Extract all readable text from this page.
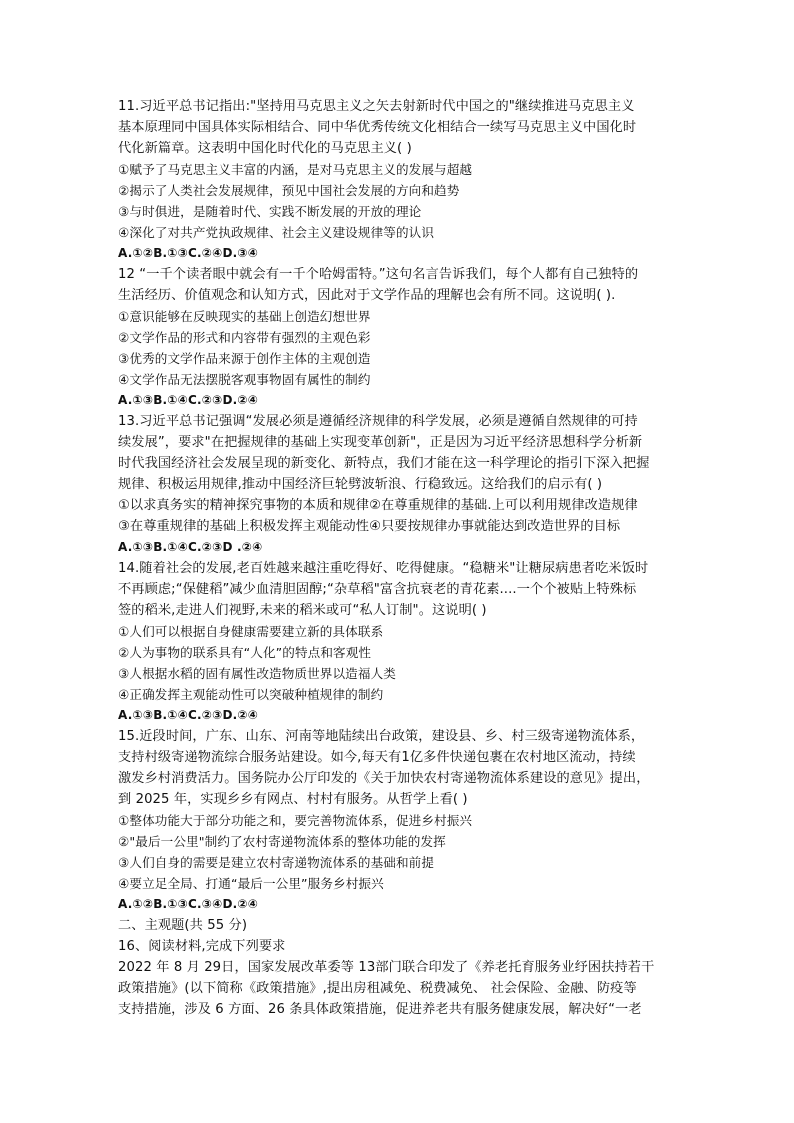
11.习近平总书记指出:"坚持用马克思主义之矢去射新时代中国之的"继续推进马克思主义
基本原理同中国具体实际相结合、同中华优秀传统文化相结合一续写马克思主义中国化时
代化新篇章。这表明中国化时代化的马克思主义( )
①赋予了马克思主义丰富的内涵，是对马克思主义的发展与超越
②揭示了人类社会发展规律，预见中国社会发展的方向和趋势
③与时俱进，是随着时代、实践不断发展的开放的理论
④深化了对共产党执政规律、社会主义建设规律等的认识
A.①②B.①③C.②④D.③④
12 “一千个读者眼中就会有一千个哈姆雷特。”这句名言告诉我们，每个人都有自己独特的
生活经历、价值观念和认知方式，因此对于文学作品的理解也会有所不同。这说明( ).
①意识能够在反映现实的基础上创造幻想世界
②文学作品的形式和内容带有强烈的主观色彩
③优秀的文学作品来源于创作主体的主观创造
④文学作品无法摆脱客观事物固有属性的制约
A.①③B.①④C.②③D.②④
13.习近平总书记强调“发展必须是遵循经济规律的科学发展，必须是遵循自然规律的可持
续发展”，要求"在把握规律的基础上实现变革创新"，正是因为习近平经济思想科学分析新
时代我国经济社会发展呈现的新变化、新特点，我们才能在这一科学理论的指引下深入把握
规律、积极运用规律,推动中国经济巨轮劈波斩浪、行稳致远。这给我们的启示有( )
①以求真务实的精神探究事物的本质和规律②在尊重规律的基础.上可以利用规律改造规律
③在尊重规律的基础上积极发挥主观能动性④只要按规律办事就能达到改造世界的目标
A.①③B.①④C.②③D .②④
14.随着社会的发展,老百姓越来越注重吃得好、吃得健康。“稳糖米"让糖尿病患者吃米饭时
不再顾虑;“保健稻”减少血清胆固醇;“杂草稻"富含抗衰老的青花素....一个个被贴上特殊标
签的稻米,走进人们视野,未来的稻米或可“私人订制"。这说明( )
①人们可以根据自身健康需要建立新的具体联系
②人为事物的联系具有“人化”的特点和客观性
③人根据水稻的固有属性改造物质世界以造福人类
④正确发挥主观能动性可以突破种植规律的制约
A.①③B.①④C.②③D.②④
15.近段时间，广东、山东、河南等地陆续出台政策，建设县、乡、村三级寄递物流体系，
支持村级寄递物流综合服务站建设。如今,每天有1亿多件快递包裹在农村地区流动，持续
激发乡村消费活力。国务院办公厅印发的《关于加快农村寄递物流体系建设的意见》提出，
到 2025 年，实现乡乡有网点、村村有服务。从哲学上看( )
①整体功能大于部分功能之和，要完善物流体系，促进乡村振兴
②"最后一公里"制约了农村寄递物流体系的整体功能的发挥
③人们自身的需要是建立农村寄递物流体系的基础和前提
④要立足全局、打通“最后一公里”服务乡村振兴
A.①②B.①③C.③④D.②④
二、主观题(共 55 分)
16、阅读材料,完成下列要求
2022 年 8 月 29日，国家发展改革委等 13部门联合印发了《养老托育服务业纾困扶持若干
政策措施》(以下简称《政策措施》,提出房租减免、税费减免、 社会保险、金融、防疫等
支持措施，涉及 6 方面、26 条具体政策措施，促进养老共有服务健康发展，解决好“一老
